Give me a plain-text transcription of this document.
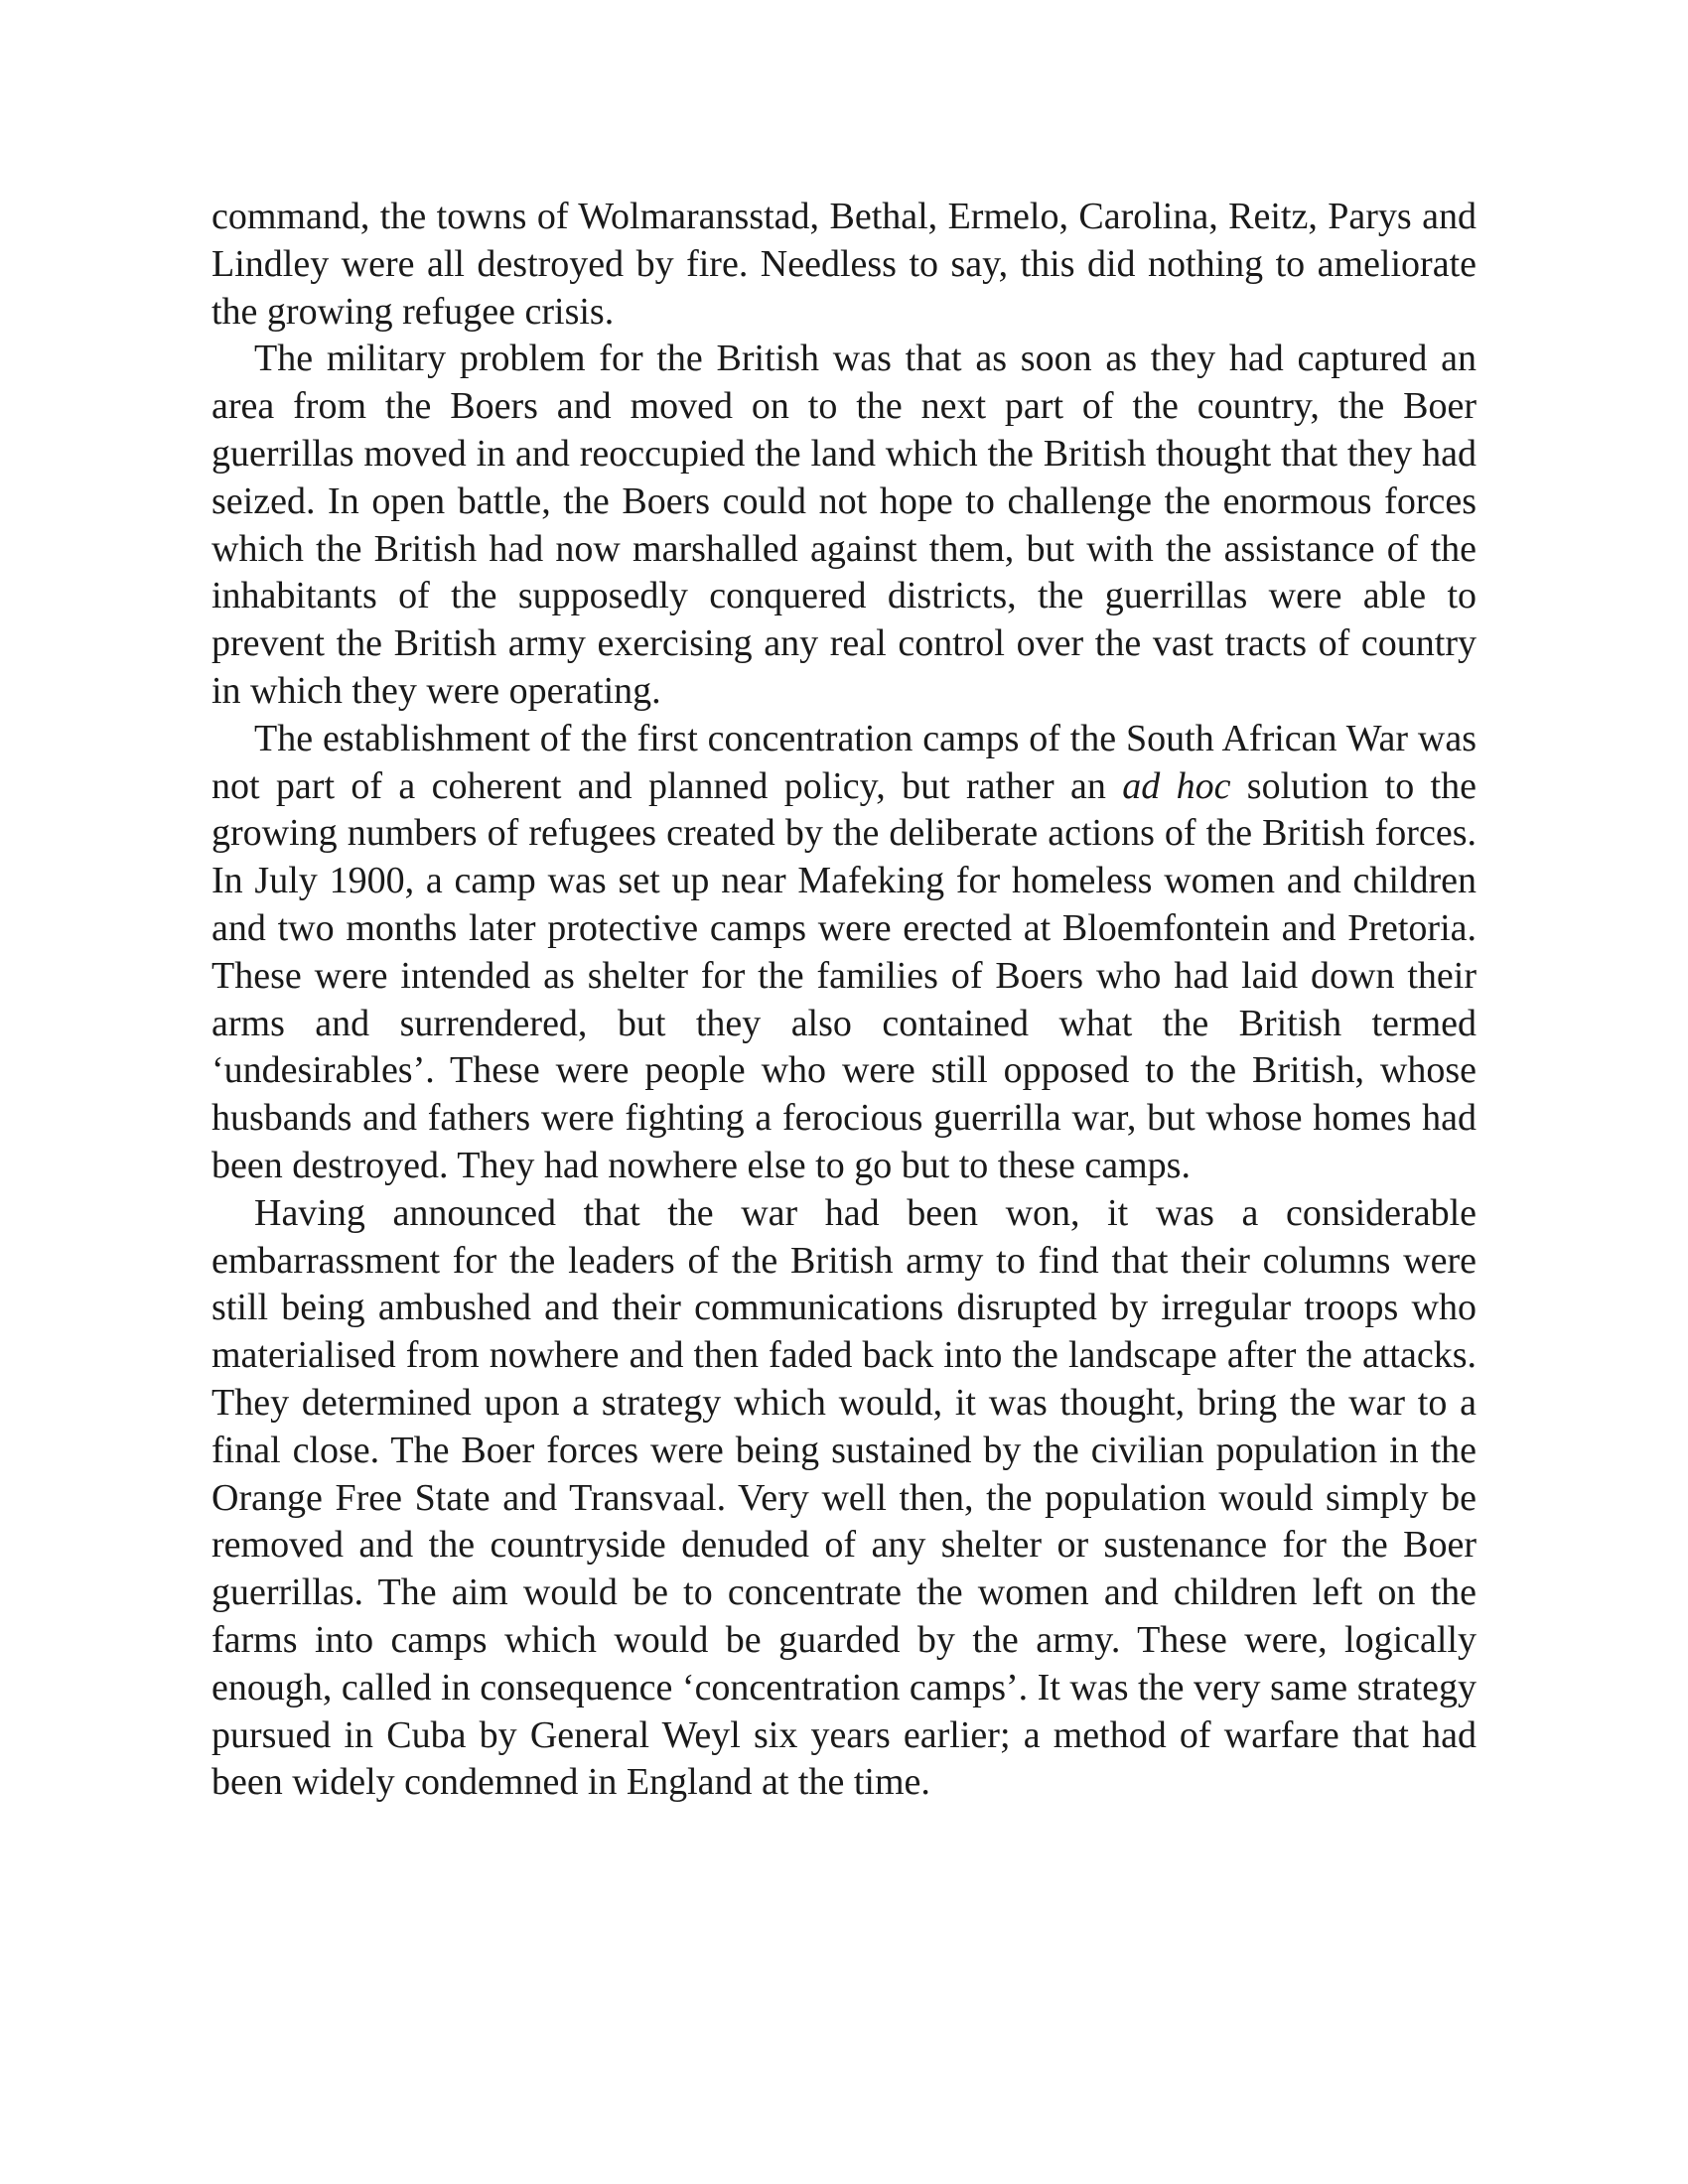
command, the towns of Wolmaransstad, Bethal, Ermelo, Carolina, Reitz, Parys and Lindley were all destroyed by fire. Needless to say, this did nothing to ameliorate the growing refugee crisis.

The military problem for the British was that as soon as they had captured an area from the Boers and moved on to the next part of the country, the Boer guerrillas moved in and reoccupied the land which the British thought that they had seized. In open battle, the Boers could not hope to challenge the enormous forces which the British had now marshalled against them, but with the assistance of the inhabitants of the supposedly conquered districts, the guerrillas were able to prevent the British army exercising any real control over the vast tracts of country in which they were operating.

The establishment of the first concentration camps of the South African War was not part of a coherent and planned policy, but rather an ad hoc solution to the growing numbers of refugees created by the deliberate actions of the British forces. In July 1900, a camp was set up near Mafeking for homeless women and children and two months later protective camps were erected at Bloemfontein and Pretoria. These were intended as shelter for the families of Boers who had laid down their arms and surrendered, but they also contained what the British termed ‘undesirables’. These were people who were still opposed to the British, whose husbands and fathers were fighting a ferocious guerrilla war, but whose homes had been destroyed. They had nowhere else to go but to these camps.

Having announced that the war had been won, it was a considerable embarrassment for the leaders of the British army to find that their columns were still being ambushed and their communications disrupted by irregular troops who materialised from nowhere and then faded back into the landscape after the attacks. They determined upon a strategy which would, it was thought, bring the war to a final close. The Boer forces were being sustained by the civilian population in the Orange Free State and Transvaal. Very well then, the population would simply be removed and the countryside denuded of any shelter or sustenance for the Boer guerrillas. The aim would be to concentrate the women and children left on the farms into camps which would be guarded by the army. These were, logically enough, called in consequence ‘concentration camps’. It was the very same strategy pursued in Cuba by General Weyl six years earlier; a method of warfare that had been widely condemned in England at the time.
